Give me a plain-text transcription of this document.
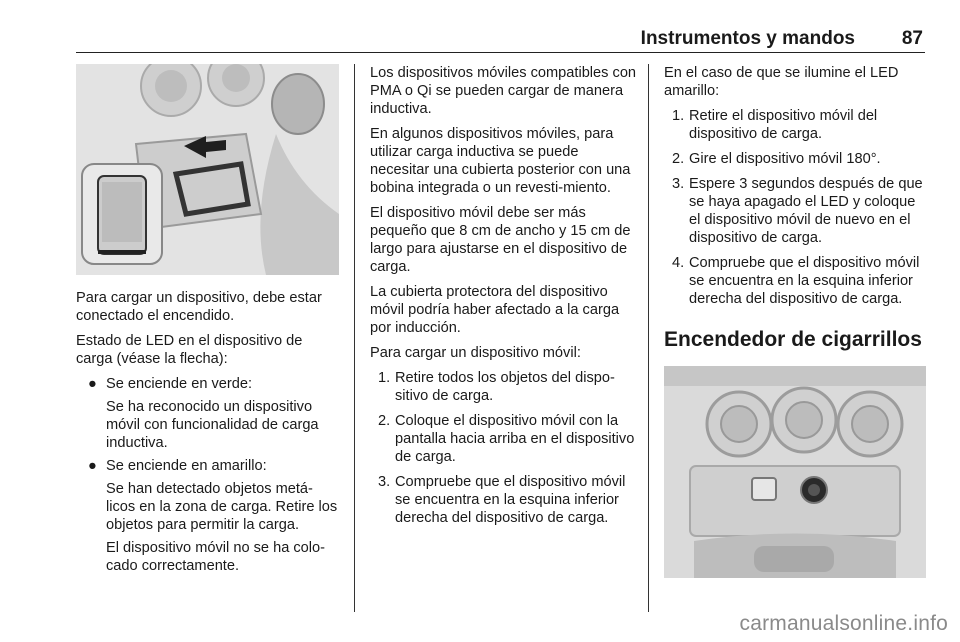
Instrumentos y mandos 87

Para cargar un dispositivo, debe estar conectado el encendido.

Estado de LED en el dispositivo de carga (véase la flecha):

● Se enciende en verde:

Se ha reconocido un dispositivo móvil con funcionalidad de carga inductiva.

● Se enciende en amarillo:

Se han detectado objetos metá-licos en la zona de carga. Retire los objetos para permitir la carga.

El dispositivo móvil no se ha colo-cado correctamente.

Los dispositivos móviles compatibles con PMA o Qi se pueden cargar de manera inductiva.

En algunos dispositivos móviles, para utilizar carga inductiva se puede necesitar una cubierta posterior con una bobina integrada o un revesti-miento.

El dispositivo móvil debe ser más pequeño que 8 cm de ancho y 15 cm de largo para ajustarse en el dispositivo de carga.

La cubierta protectora del dispositivo móvil podría haber afectado a la carga por inducción.

Para cargar un dispositivo móvil:

1. Retire todos los objetos del dispo-sitivo de carga.
2. Coloque el dispositivo móvil con la pantalla hacia arriba en el dispositivo de carga.
3. Compruebe que el dispositivo móvil se encuentra en la esquina inferior derecha del dispositivo de carga.

En el caso de que se ilumine el LED amarillo:

1. Retire el dispositivo móvil del dispositivo de carga.
2. Gire el dispositivo móvil 180°.
3. Espere 3 segundos después de que se haya apagado el LED y coloque el dispositivo móvil de nuevo en el dispositivo de carga.
4. Compruebe que el dispositivo móvil se encuentra en la esquina inferior derecha del dispositivo de carga.
Encendedor de cigarrillos
carmanualsonline.info
